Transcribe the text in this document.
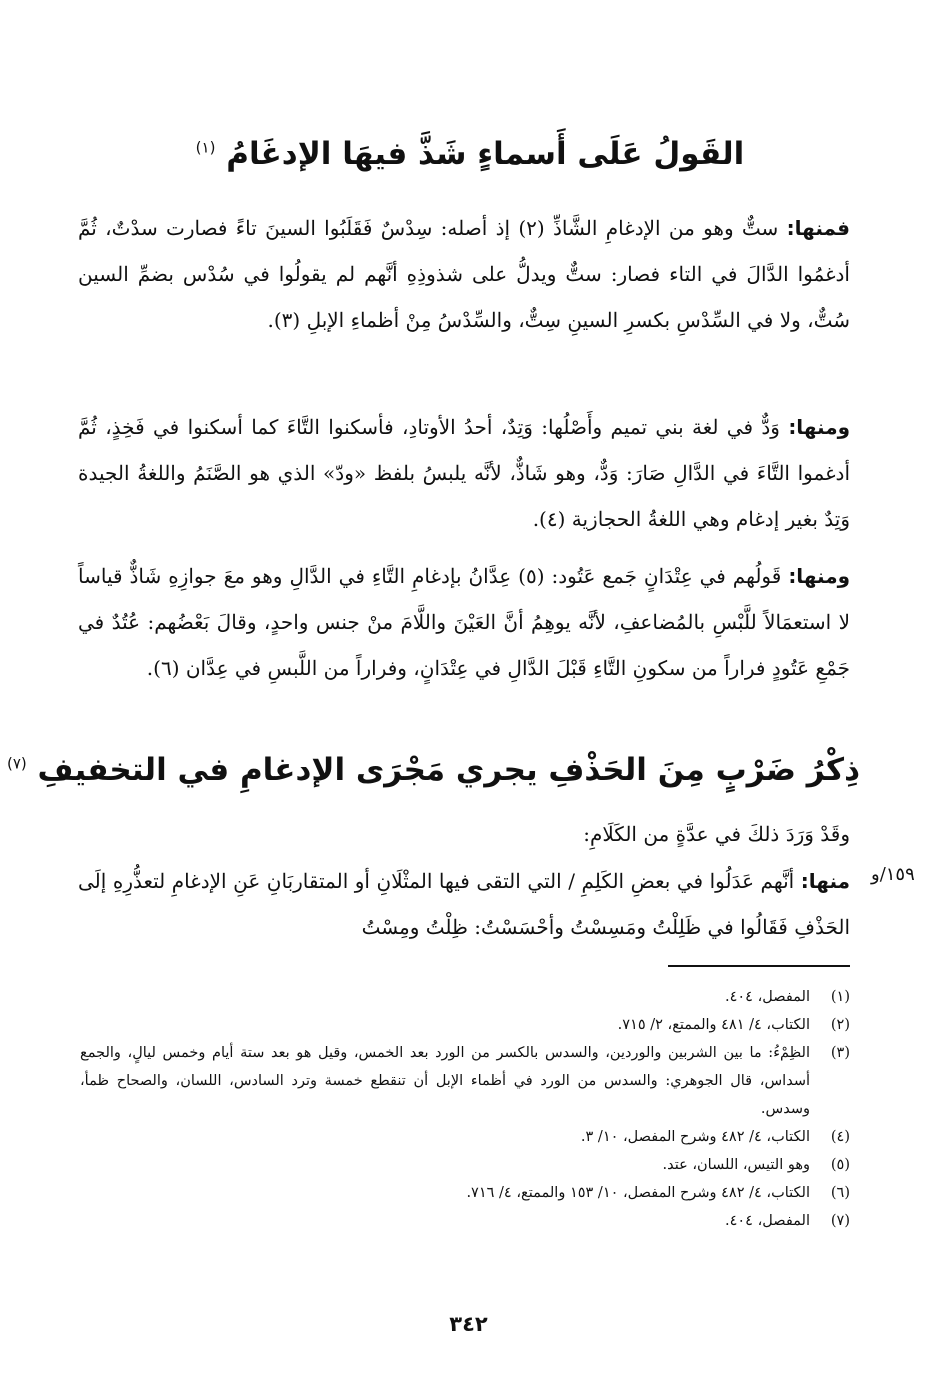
القَولُ عَلَى أَسماءٍ شَذَّ فيهَا الإدغَامُ $^{(١)}$
فمنها: ستٌّ وهو من الإدغامِ الشَّاذِّ (٢) إذ أصله: سِدْسٌ فَقَلَبُوا السينَ تاءً فصارت سدْتٌ، ثُمَّ أدغمُوا الدَّالَ في التاء فصار: ستٌّ ويدلُّ على شذوذِهِ أنَّهم لم يقولُوا في سُدْس بضمِّ السين سُتٌّ، ولا في السِّدْسِ بكسرِ السينِ سِتٌّ، والسِّدْسُ مِنْ أظماءِ الإبلِ (٣).
ومنها: وَدٌّ في لغة بني تميم وأَصْلُها: وَتِدٌ، أحدُ الأوتادِ، فأسكنوا التَّاءَ كما أسكنوا في فَخِذٍ، ثُمَّ أدغموا التَّاءَ في الدَّالِ صَارَ: وَدٌّ، وهو شَاذٌّ، لأنَّه يلبسُ بلفظ «ودّ» الذي هو الصَّنَمُ واللغةُ الجيدة وَتِدٌ بغير إدغام وهي اللغةُ الحجازية (٤).
ومنها: قَولُهم في عِتْدَانٍ جَمع عَتُود: (٥) عِدَّانُ بإدغامِ التَّاءِ في الدَّالِ وهو معَ جوازِهِ شَاذٌّ قياساً لا استعمَالاً للَّبْسِ بالمُضاعفِ، لأنَّه يوهِمُ أنَّ العَيْنَ واللَّامَ منْ جنس واحدٍ، وقالَ بَعْضُهم: عُتُدٌ في جَمْعِ عَتُودٍ فراراً من سكونِ التَّاءِ قَبْلَ الدَّالِ في عِتْدَانٍ، وفراراً من اللَّبسِ في عِدَّان (٦).
ذِكْرُ ضَرْبٍ مِنَ الحَذْفِ يجري مَجْرَى الإدغامِ في التخفيفِ $^{(٧)}$
وقَدْ وَرَدَ ذلكَ في عدَّةٍ من الكَلَامِ:
منها: أنَّهم عَدَلُوا في بعضِ الكَلِمِ / التي التقى فيها المثْلَانِ أو المتقاربَانِ عَنِ الإدغامِ لتعذُّرِهِ إلَى الحَذْفِ فَقَالُوا في ظَلِلْتُ ومَسِسْتُ وأحْسَسْتُ: ظِلْتُ ومِسْتُ
١٥٩/و
(١)
المفصل، ٤٠٤.
(٢)
الكتاب، ٤/ ٤٨١ والممتع، ٢/ ٧١٥.
(٣)
الظِمْءُ: ما بين الشربين والوردين، والسدس بالكسر من الورد بعد الخمس، وقيل هو بعد ستة أيام وخمس ليالٍ، والجمع أسداس، قال الجوهري: والسدس من الورد في أظماء الإبل أن تنقطع خمسة وترد السادس، اللسان، والصحاح ظمأ، وسدس.
(٤)
الكتاب، ٤/ ٤٨٢ وشرح المفصل، ١٠/ ٣.
(٥)
وهو التيس، اللسان، عتد.
(٦)
الكتاب، ٤/ ٤٨٢ وشرح المفصل، ١٠/ ١٥٣ والممتع، ٤/ ٧١٦.
(٧)
المفصل، ٤٠٤.
٣٤٢
